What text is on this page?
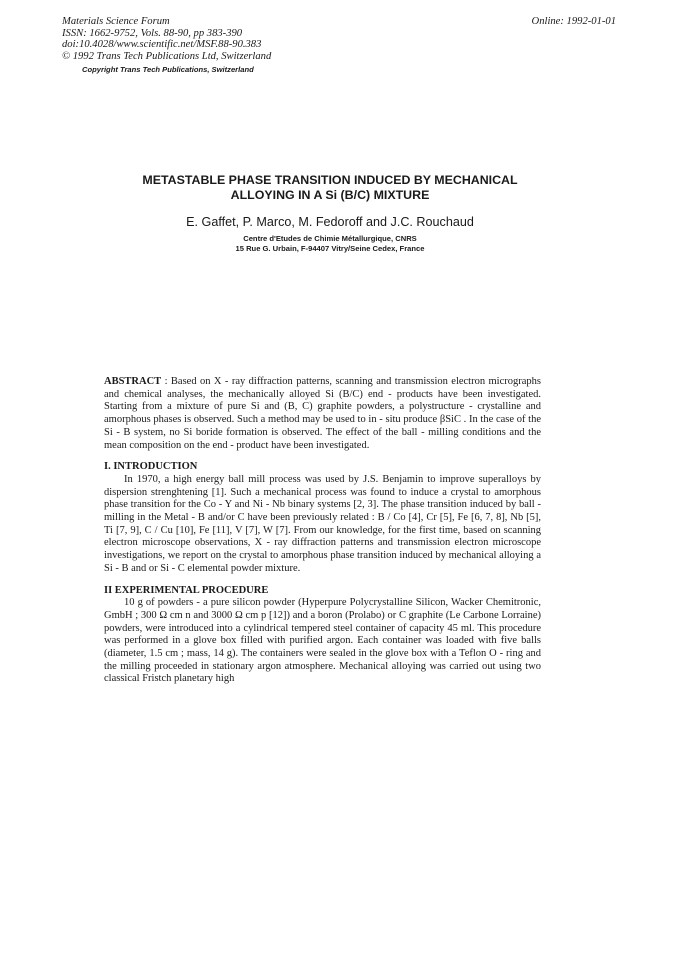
Materials Science Forum
ISSN: 1662-9752, Vols. 88-90, pp 383-390
doi:10.4028/www.scientific.net/MSF.88-90.383
© 1992 Trans Tech Publications Ltd, Switzerland
Copyright Trans Tech Publications, Switzerland
Online: 1992-01-01
METASTABLE PHASE TRANSITION INDUCED BY MECHANICAL
ALLOYING IN A Si (B/C) MIXTURE
E. Gaffet, P. Marco, M. Fedoroff and J.C. Rouchaud
Centre d'Etudes de Chimie Métallurgique, CNRS
15 Rue G. Urbain, F-94407 Vitry/Seine Cedex, France

ABSTRACT : Based on X - ray diffraction patterns, scanning and transmission electron micrographs and chemical analyses, the mechanically alloyed Si (B/C) end - products have been investigated. Starting from a mixture of pure Si and (B, C) graphite powders, a polystructure - crystalline and amorphous phases is observed. Such a method may be used to in - situ produce βSiC . In the case of the Si - B system, no Si boride formation is observed. The effect of the ball - milling conditions and the mean composition on the end - product have been investigated.

I. INTRODUCTION

In 1970, a high energy ball mill process was used by J.S. Benjamin to improve superalloys by dispersion strenghtening [1]. Such a mechanical process was found to induce a crystal to amorphous phase transition for the Co - Y and Ni - Nb binary systems [2, 3]. The phase transition induced by ball - milling in the Metal - B and/or C have been previously related : B / Co [4], Cr [5], Fe [6, 7, 8], Nb [5], Ti [7, 9], C / Cu [10], Fe [11], V [7], W [7]. From our knowledge, for the first time, based on scanning electron microscope observations, X - ray diffraction patterns and transmission electron microscope investigations, we report on the crystal to amorphous phase transition induced by mechanical alloying a Si - B and or Si - C elemental powder mixture.

II EXPERIMENTAL PROCEDURE

10 g of powders - a pure silicon powder (Hyperpure Polycrystalline Silicon, Wacker Chemitronic, GmbH ; 300 Ω cm n and 3000 Ω cm p [12]) and a boron (Prolabo) or C graphite (Le Carbone Lorraine) powders, were introduced into a cylindrical tempered steel container of capacity 45 ml. This procedure was performed in a glove box filled with purified argon. Each container was loaded with five balls (diameter, 1.5 cm ; mass, 14 g). The containers were sealed in the glove box with a Teflon O - ring and the milling proceeded in stationary argon atmosphere. Mechanical alloying was carried out using two classical Fristch planetary high
